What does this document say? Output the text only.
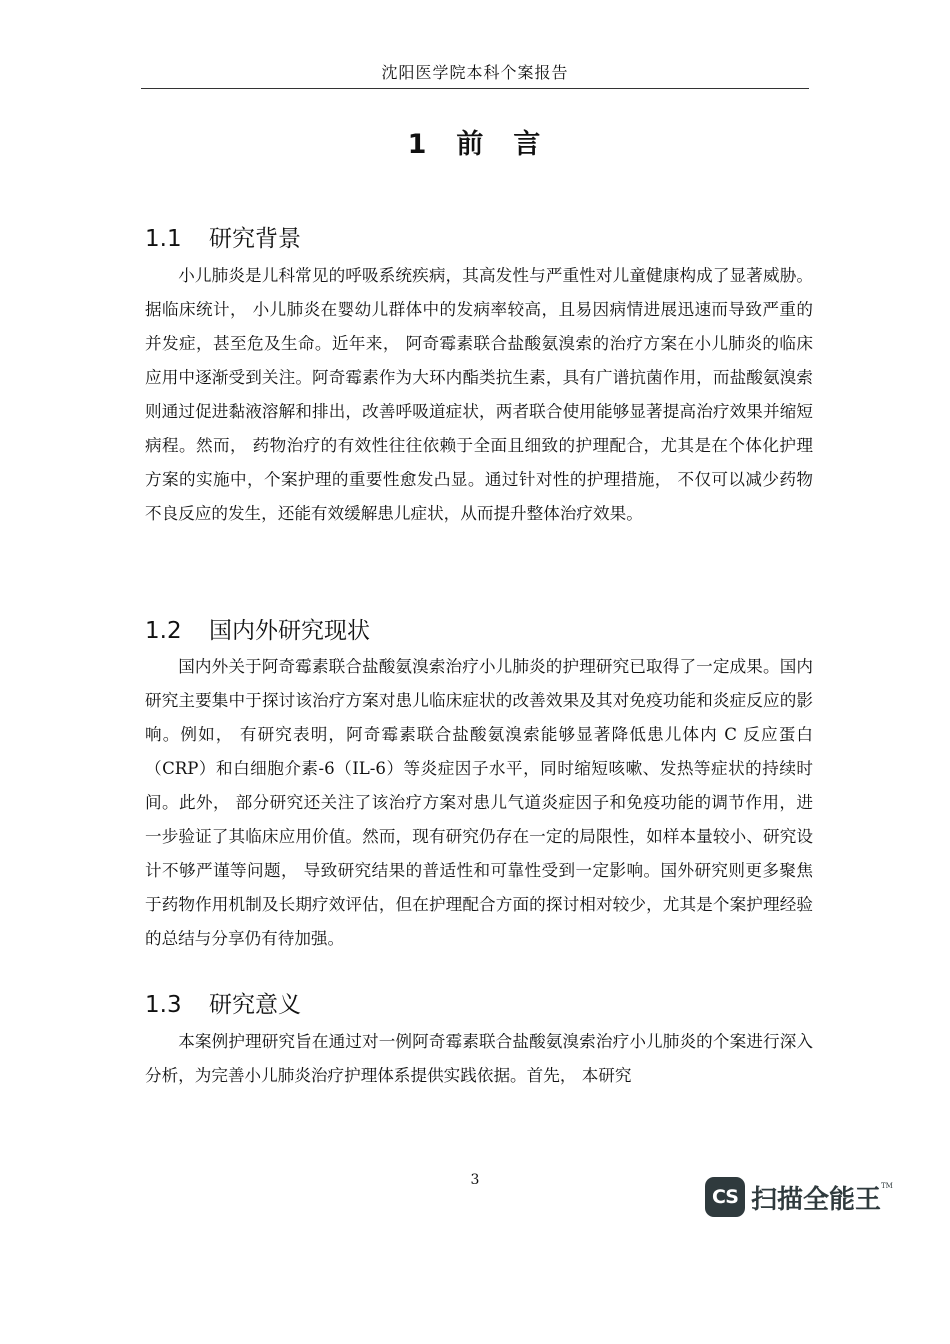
沈阳医学院本科个案报告
1 前 言
1.1 研究背景

小儿肺炎是儿科常见的呼吸系统疾病，其高发性与严重性对儿童健康构成了显著威胁。据临床统计， 小儿肺炎在婴幼儿群体中的发病率较高，且易因病情进展迅速而导致严重的并发症，甚至危及生命。近年来， 阿奇霉素联合盐酸氨溴索的治疗方案在小儿肺炎的临床应用中逐渐受到关注。阿奇霉素作为大环内酯类抗生素，具有广谱抗菌作用，而盐酸氨溴索则通过促进黏液溶解和排出，改善呼吸道症状，两者联合使用能够显著提高治疗效果并缩短病程。然而， 药物治疗的有效性往往依赖于全面且细致的护理配合，尤其是在个体化护理方案的实施中，个案护理的重要性愈发凸显。通过针对性的护理措施， 不仅可以减少药物不良反应的发生，还能有效缓解患儿症状，从而提升整体治疗效果。

1.2 国内外研究现状

国内外关于阿奇霉素联合盐酸氨溴索治疗小儿肺炎的护理研究已取得了一定成果。国内研究主要集中于探讨该治疗方案对患儿临床症状的改善效果及其对免疫功能和炎症反应的影响。例如， 有研究表明，阿奇霉素联合盐酸氨溴索能够显著降低患儿体内 C 反应蛋白（CRP）和白细胞介素-6（IL-6）等炎症因子水平，同时缩短咳嗽、发热等症状的持续时间。此外， 部分研究还关注了该治疗方案对患儿气道炎症因子和免疫功能的调节作用，进一步验证了其临床应用价值。然而，现有研究仍存在一定的局限性，如样本量较小、研究设计不够严谨等问题， 导致研究结果的普适性和可靠性受到一定影响。国外研究则更多聚焦于药物作用机制及长期疗效评估，但在护理配合方面的探讨相对较少，尤其是个案护理经验的总结与分享仍有待加强。

1.3 研究意义

本案例护理研究旨在通过对一例阿奇霉素联合盐酸氨溴索治疗小儿肺炎的个案进行深入分析，为完善小儿肺炎治疗护理体系提供实践依据。首先， 本研究

3
CS 扫描全能王 TM
